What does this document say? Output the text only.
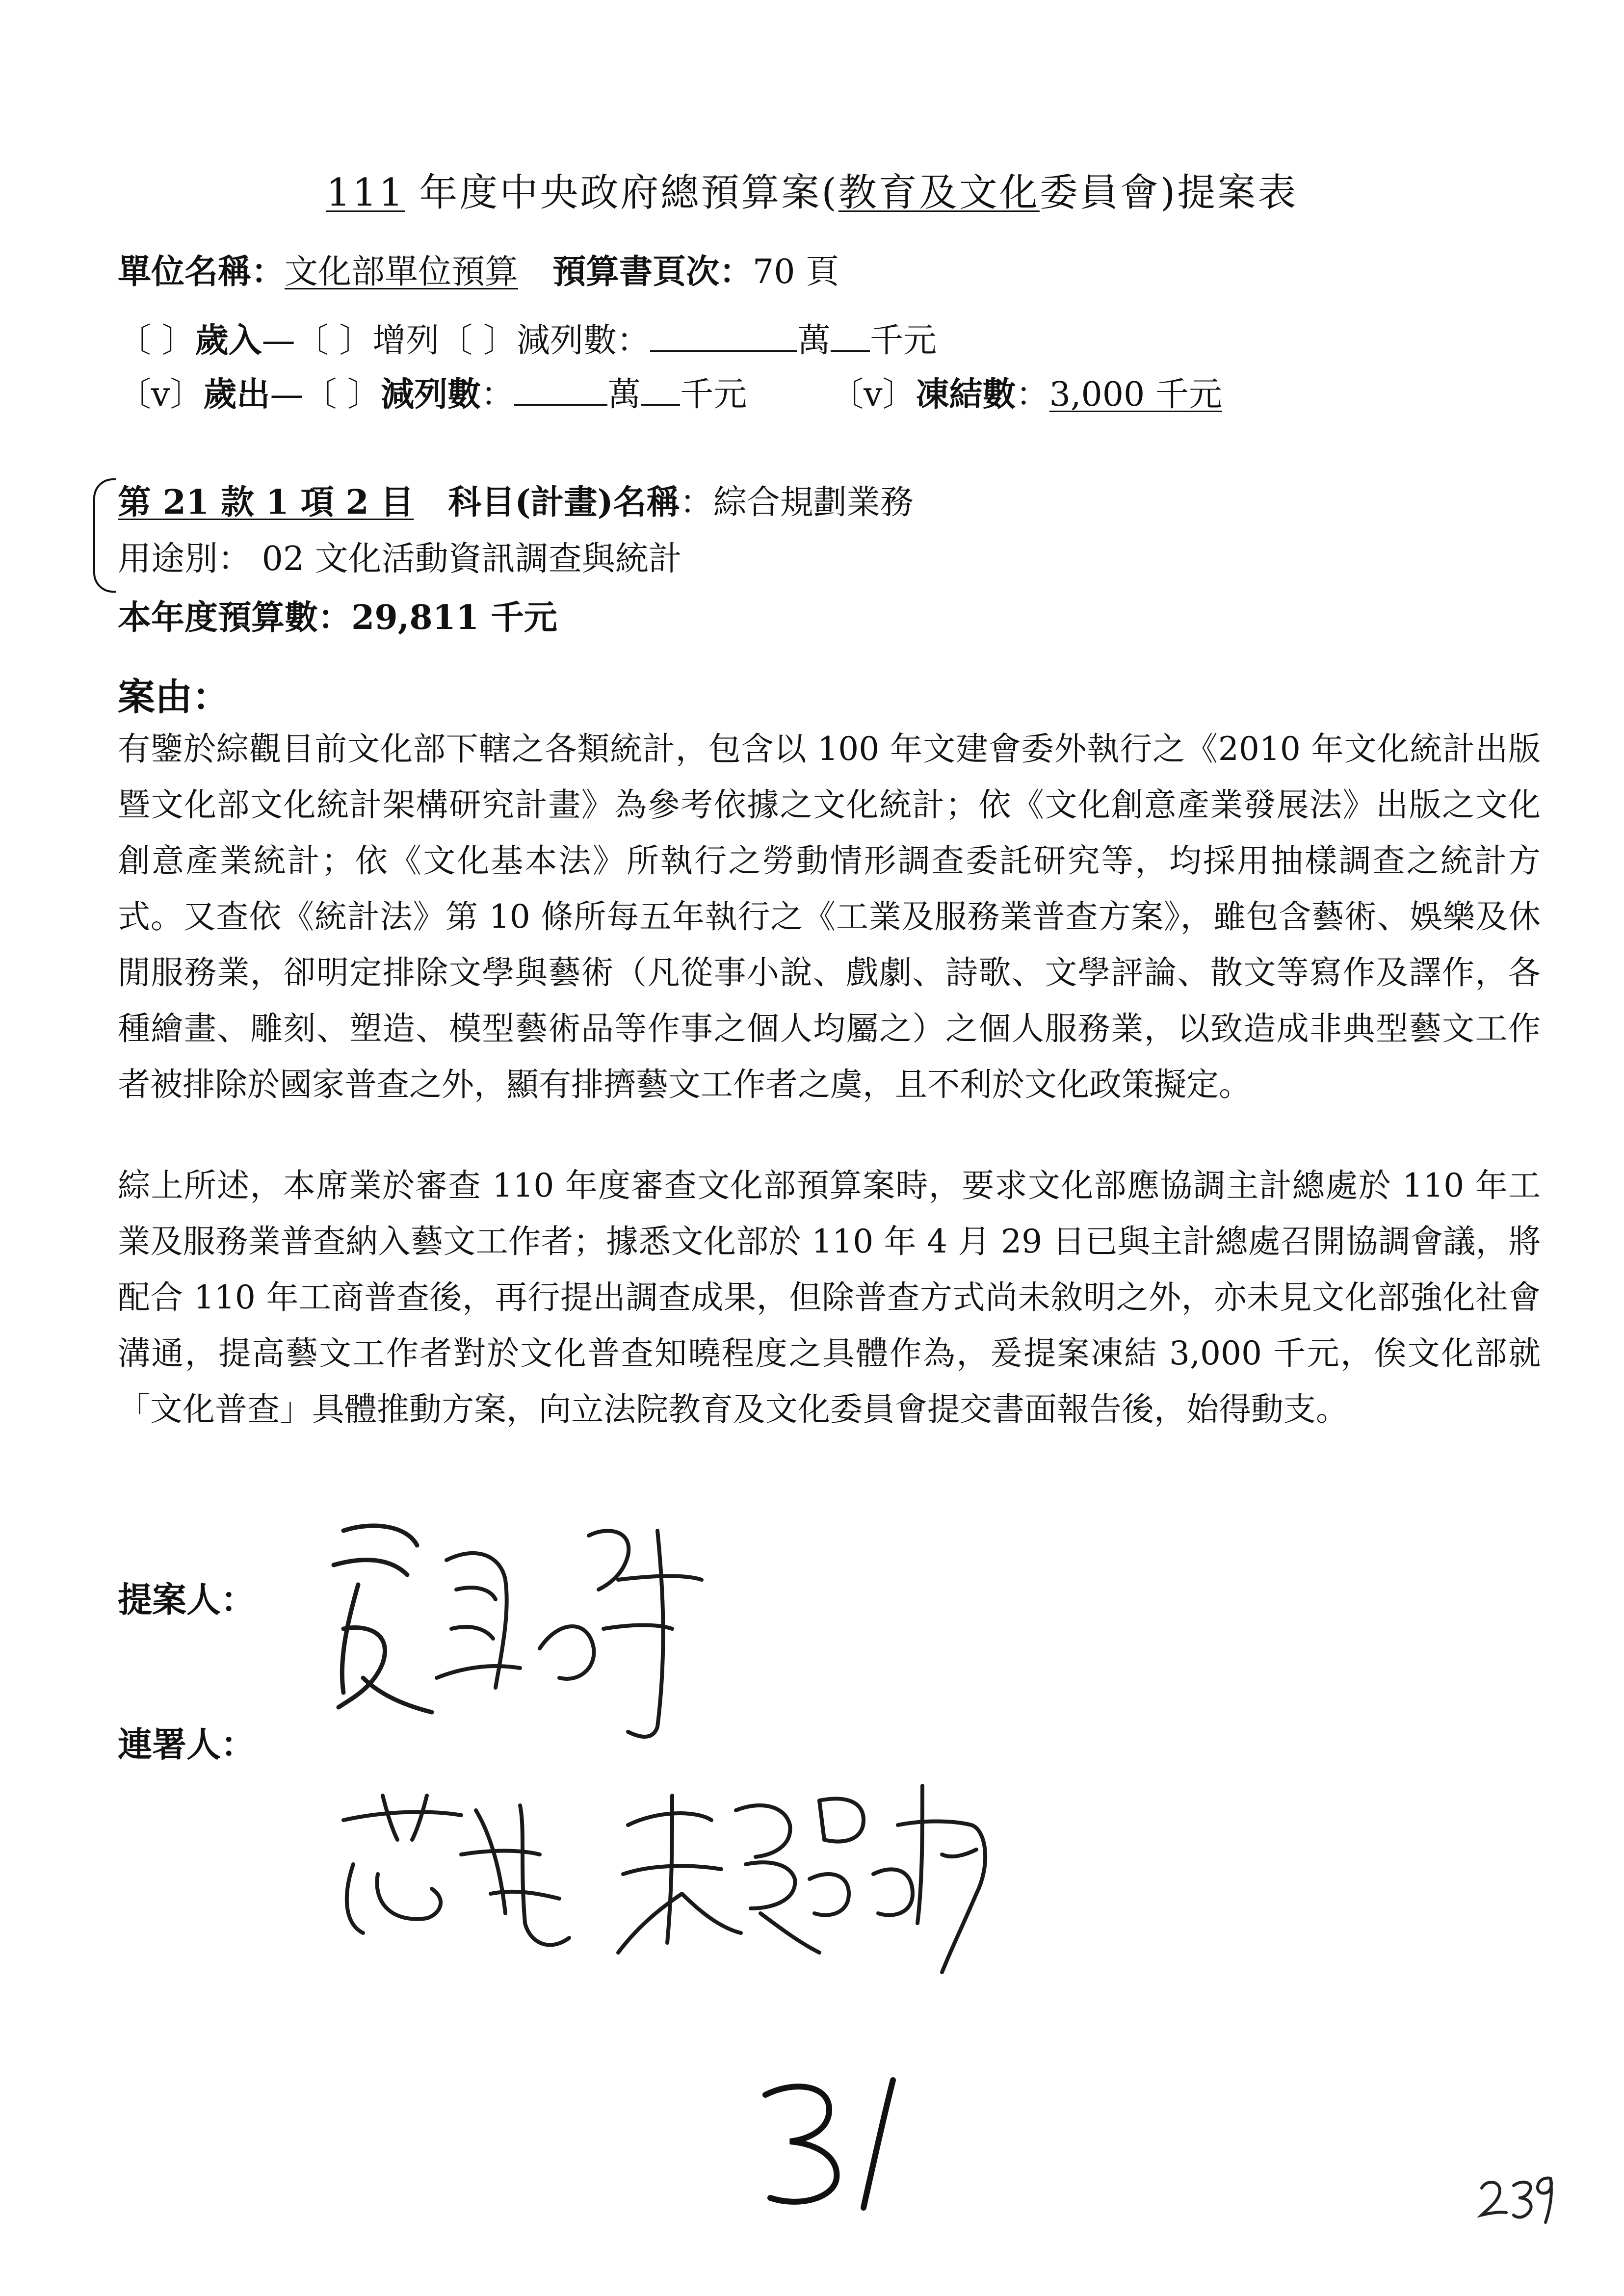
111 年度中央政府總預算案(教育及文化委員會)提案表
單位名稱：文化部單位預算 預算書頁次：70 頁
〔 〕歲入—〔 〕增列〔 〕減列數：	萬 千元
〔v〕歲出—〔 〕減列數：	萬 千元	〔v〕凍結數：3,000 千元
第 21 款 1 項 2 目 科目(計畫)名稱：綜合規劃業務
用途別： 02 文化活動資訊調查與統計
本年度預算數：29,811 千元
案由：
有鑒於綜觀目前文化部下轄之各類統計，包含以 100 年文建會委外執行之《2010 年文化統計出版暨文化部文化統計架構研究計畫》為參考依據之文化統計；依《文化創意產業發展法》出版之文化創意產業統計；依《文化基本法》所執行之勞動情形調查委託研究等，均採用抽樣調查之統計方式。又查依《統計法》第 10 條所每五年執行之《工業及服務業普查方案》，雖包含藝術、娛樂及休閒服務業，卻明定排除文學與藝術（凡從事小說、戲劇、詩歌、文學評論、散文等寫作及譯作，各種繪畫、雕刻、塑造、模型藝術品等作事之個人均屬之）之個人服務業，以致造成非典型藝文工作者被排除於國家普查之外，顯有排擠藝文工作者之虞，且不利於文化政策擬定。
綜上所述，本席業於審查 110 年度審查文化部預算案時，要求文化部應協調主計總處於 110 年工業及服務業普查納入藝文工作者；據悉文化部於 110 年 4 月 29 日已與主計總處召開協調會議，將配合 110 年工商普查後，再行提出調查成果，但除普查方式尚未敘明之外，亦未見文化部強化社會溝通，提高藝文工作者對於文化普查知曉程度之具體作為，爰提案凍結 3,000 千元，俟文化部就「文化普查」具體推動方案，向立法院教育及文化委員會提交書面報告後，始得動支。
提案人：
連署人：
